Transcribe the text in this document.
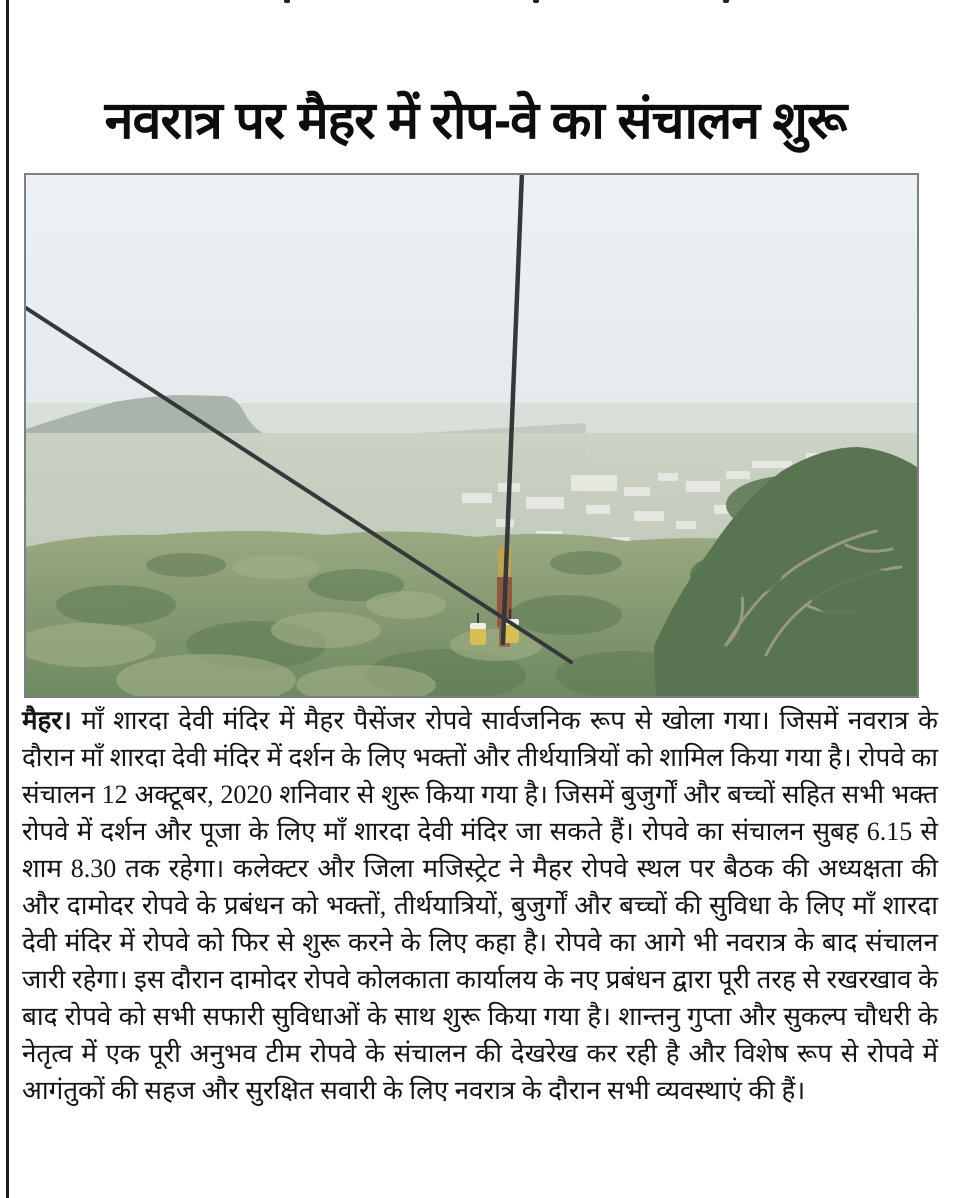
नवरात्र पर मैहर में रोप-वे का संचालन शुरू

मैहर। माँ शारदा देवी मंदिर में मैहर पैसेंजर रोपवे सार्वजनिक रूप से खोला गया। जिसमें नवरात्र के दौरान माँ शारदा देवी मंदिर में दर्शन के लिए भक्तों और तीर्थयात्रियों को शामिल किया गया है। रोपवे का संचालन 12 अक्टूबर, 2020 शनिवार से शुरू किया गया है। जिसमें बुजुर्गों और बच्चों सहित सभी भक्त रोपवे में दर्शन और पूजा के लिए माँ शारदा देवी मंदिर जा सकते हैं। रोपवे का संचालन सुबह 6.15 से शाम 8.30 तक रहेगा। कलेक्टर और जिला मजिस्ट्रेट ने मैहर रोपवे स्थल पर बैठक की अध्यक्षता की और दामोदर रोपवे के प्रबंधन को भक्तों, तीर्थयात्रियों, बुजुर्गों और बच्चों की सुविधा के लिए माँ शारदा देवी मंदिर में रोपवे को फिर से शुरू करने के लिए कहा है। रोपवे का आगे भी नवरात्र के बाद संचालन जारी रहेगा। इस दौरान दामोदर रोपवे कोलकाता कार्यालय के नए प्रबंधन द्वारा पूरी तरह से रखरखाव के बाद रोपवे को सभी सफारी सुविधाओं के साथ शुरू किया गया है। शान्तनु गुप्ता और सुकल्प चौधरी के नेतृत्व में एक पूरी अनुभव टीम रोपवे के संचालन की देखरेख कर रही है और विशेष रूप से रोपवे में आगंतुकों की सहज और सुरक्षित सवारी के लिए नवरात्र के दौरान सभी व्यवस्थाएं की हैं।
